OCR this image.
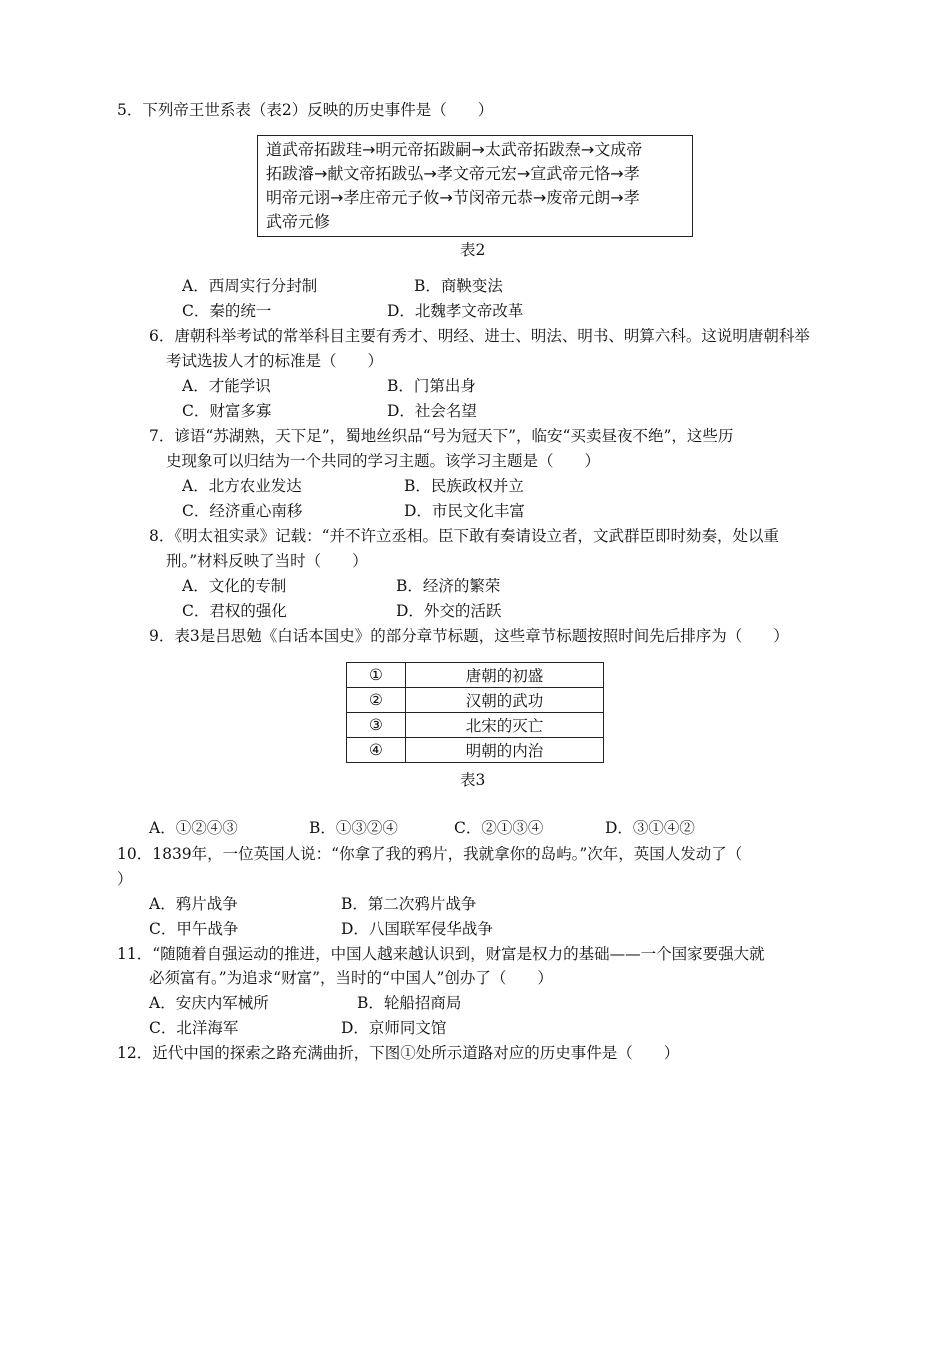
5．下列帝王世系表（表2）反映的历史事件是（　　）
道武帝拓跋珪→明元帝拓跋嗣→太武帝拓跋焘→文成帝
拓跋濬→献文帝拓跋弘→孝文帝元宏→宣武帝元恪→孝
明帝元诩→孝庄帝元子攸→节闵帝元恭→废帝元朗→孝
武帝元修
表2
A．西周实行分封制	B．商鞅变法
C．秦的统一	D．北魏孝文帝改革
6．唐朝科举考试的常举科目主要有秀才、明经、进士、明法、明书、明算六科。这说明唐朝科举
考试选拔人才的标准是（　　）
A．才能学识	B．门第出身
C．财富多寡	D．社会名望
7．谚语“苏湖熟，天下足”，蜀地丝织品“号为冠天下”，临安“买卖昼夜不绝”，这些历
史现象可以归结为一个共同的学习主题。该学习主题是（　　）
A．北方农业发达	B．民族政权并立
C．经济重心南移	D．市民文化丰富
8．《明太祖实录》记载：“并不许立丞相。臣下敢有奏请设立者，文武群臣即时劾奏，处以重
刑。”材料反映了当时（　　）
A．文化的专制	B．经济的繁荣
C．君权的强化	D．外交的活跃
9．表3是吕思勉《白话本国史》的部分章节标题，这些章节标题按照时间先后排序为（　　）
①	唐朝的初盛
②	汉朝的武功
③	北宋的灭亡
④	明朝的内治
表3
A．①②④③	B．①③②④	C．②①③④	D．③①④②
10．1839年，一位英国人说：“你拿了我的鸦片，我就拿你的岛屿。”次年，英国人发动了（
）
A．鸦片战争	B．第二次鸦片战争
C．甲午战争	D．八国联军侵华战争
11．“随随着自强运动的推进，中国人越来越认识到，财富是权力的基础——一个国家要强大就
必须富有。”为追求“财富”，当时的“中国人”创办了（　　）
A．安庆内军械所	B．轮船招商局
C．北洋海军	D．京师同文馆
12．近代中国的探索之路充满曲折，下图①处所示道路对应的历史事件是（　　）
